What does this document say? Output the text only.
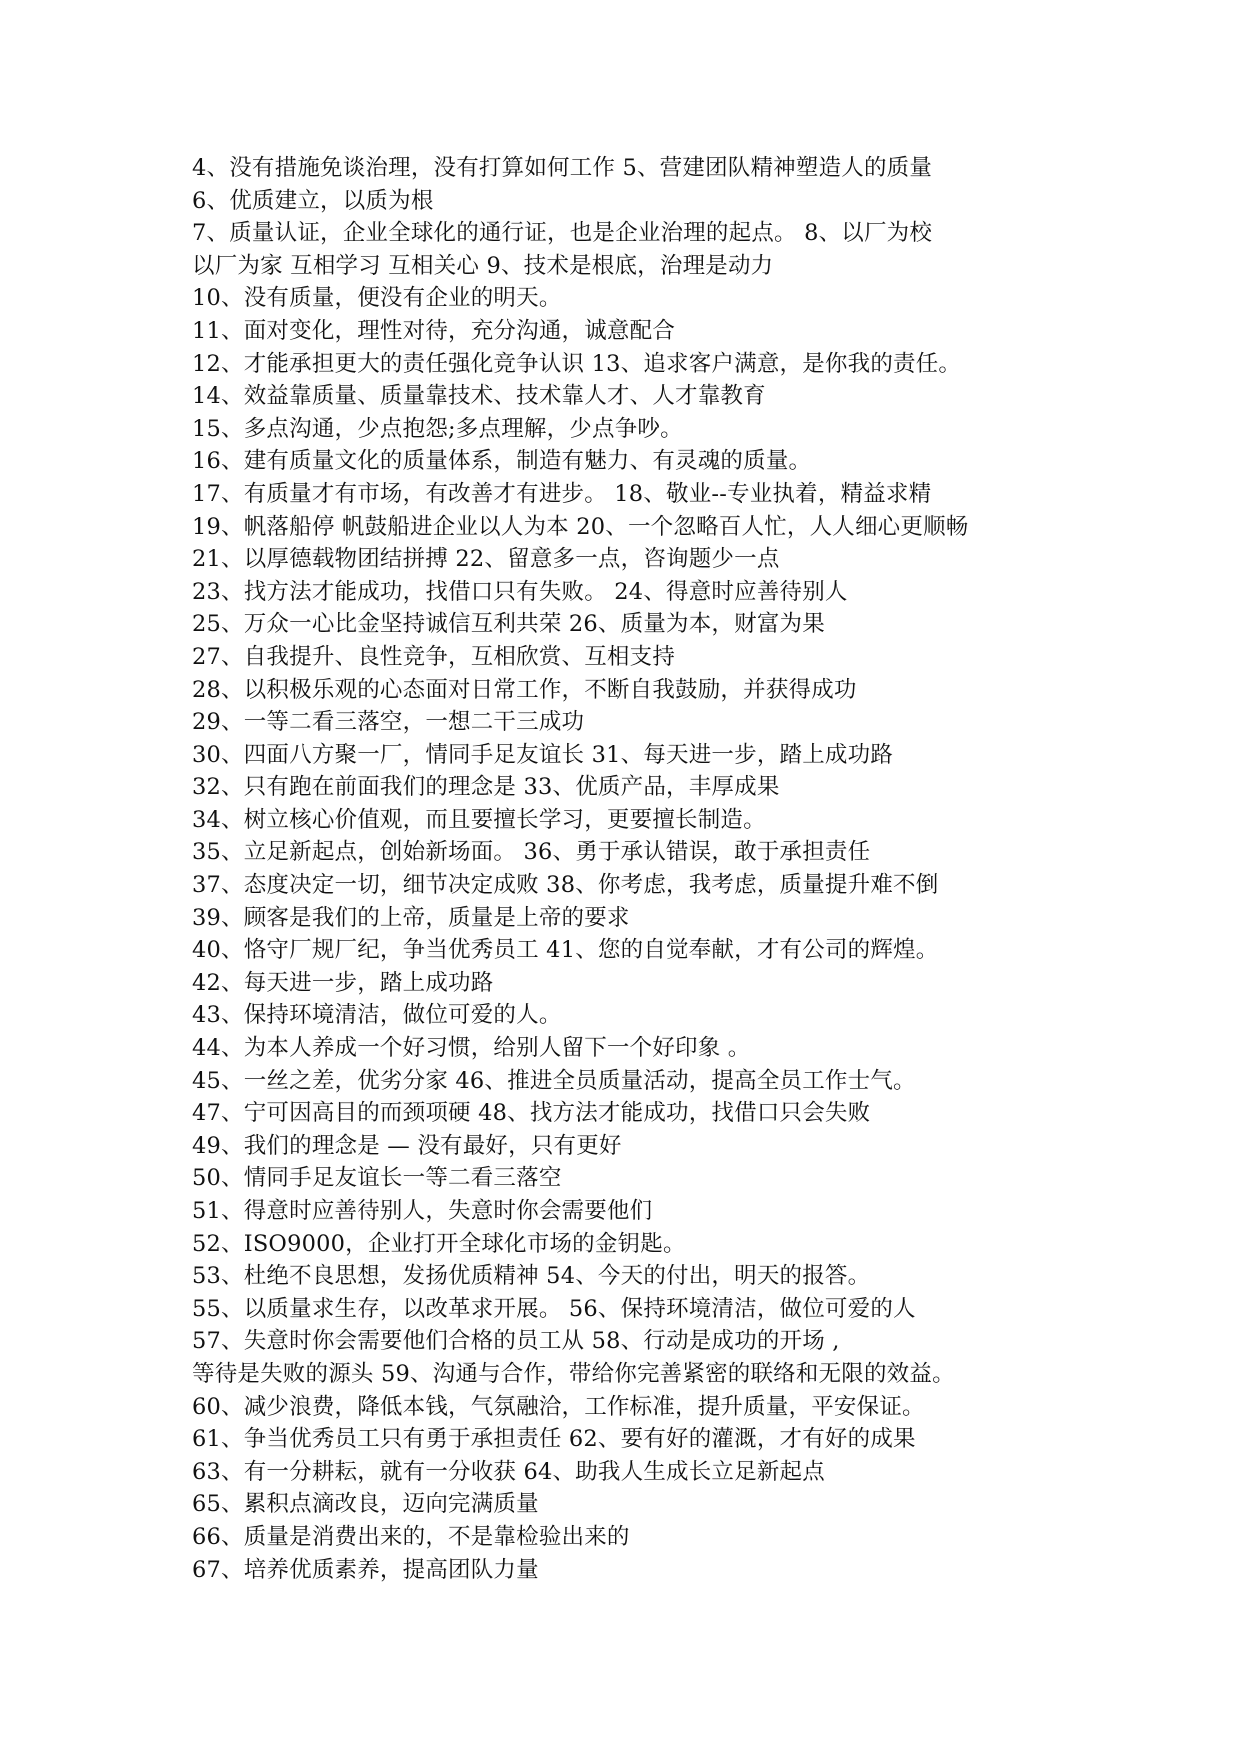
4、没有措施免谈治理，没有打算如何工作 5、营建团队精神塑造人的质量
6、优质建立，以质为根
7、质量认证，企业全球化的通行证，也是企业治理的起点。 8、以厂为校
以厂为家 互相学习 互相关心 9、技术是根底，治理是动力
10、没有质量，便没有企业的明天。
11、面对变化，理性对待，充分沟通，诚意配合
12、才能承担更大的责任强化竞争认识 13、追求客户满意，是你我的责任。
14、效益靠质量、质量靠技术、技术靠人才、人才靠教育
15、多点沟通，少点抱怨;多点理解，少点争吵。
16、建有质量文化的质量体系，制造有魅力、有灵魂的质量。
17、有质量才有市场，有改善才有进步。 18、敬业--专业执着，精益求精
19、帆落船停 帆鼓船进企业以人为本 20、一个忽略百人忙，人人细心更顺畅
21、以厚德载物团结拼搏 22、留意多一点，咨询题少一点
23、找方法才能成功，找借口只有失败。 24、得意时应善待别人
25、万众一心比金坚持诚信互利共荣 26、质量为本，财富为果
27、自我提升、良性竞争，互相欣赏、互相支持
28、以积极乐观的心态面对日常工作，不断自我鼓励，并获得成功
29、一等二看三落空，一想二干三成功
30、四面八方聚一厂，情同手足友谊长 31、每天进一步，踏上成功路
32、只有跑在前面我们的理念是 33、优质产品，丰厚成果
34、树立核心价值观，而且要擅长学习，更要擅长制造。
35、立足新起点，创始新场面。 36、勇于承认错误，敢于承担责任
37、态度决定一切，细节决定成败 38、你考虑，我考虑，质量提升难不倒
39、顾客是我们的上帝，质量是上帝的要求
40、恪守厂规厂纪，争当优秀员工 41、您的自觉奉献，才有公司的辉煌。
42、每天进一步，踏上成功路
43、保持环境清洁，做位可爱的人。
44、为本人养成一个好习惯，给别人留下一个好印象 。
45、一丝之差，优劣分家 46、推进全员质量活动，提高全员工作士气。
47、宁可因高目的而颈项硬 48、找方法才能成功，找借口只会失败
49、我们的理念是 — 没有最好，只有更好
50、情同手足友谊长一等二看三落空
51、得意时应善待别人，失意时你会需要他们
52、ISO9000，企业打开全球化市场的金钥匙。
53、杜绝不良思想，发扬优质精神 54、今天的付出，明天的报答。
55、以质量求生存，以改革求开展。 56、保持环境清洁，做位可爱的人
57、失意时你会需要他们合格的员工从 58、行动是成功的开场 ,
等待是失败的源头 59、沟通与合作，带给你完善紧密的联络和无限的效益。
60、减少浪费，降低本钱，气氛融洽，工作标准，提升质量，平安保证。
61、争当优秀员工只有勇于承担责任 62、要有好的灌溉，才有好的成果
63、有一分耕耘，就有一分收获 64、助我人生成长立足新起点
65、累积点滴改良，迈向完满质量
66、质量是消费出来的，不是靠检验出来的
67、培养优质素养，提高团队力量
